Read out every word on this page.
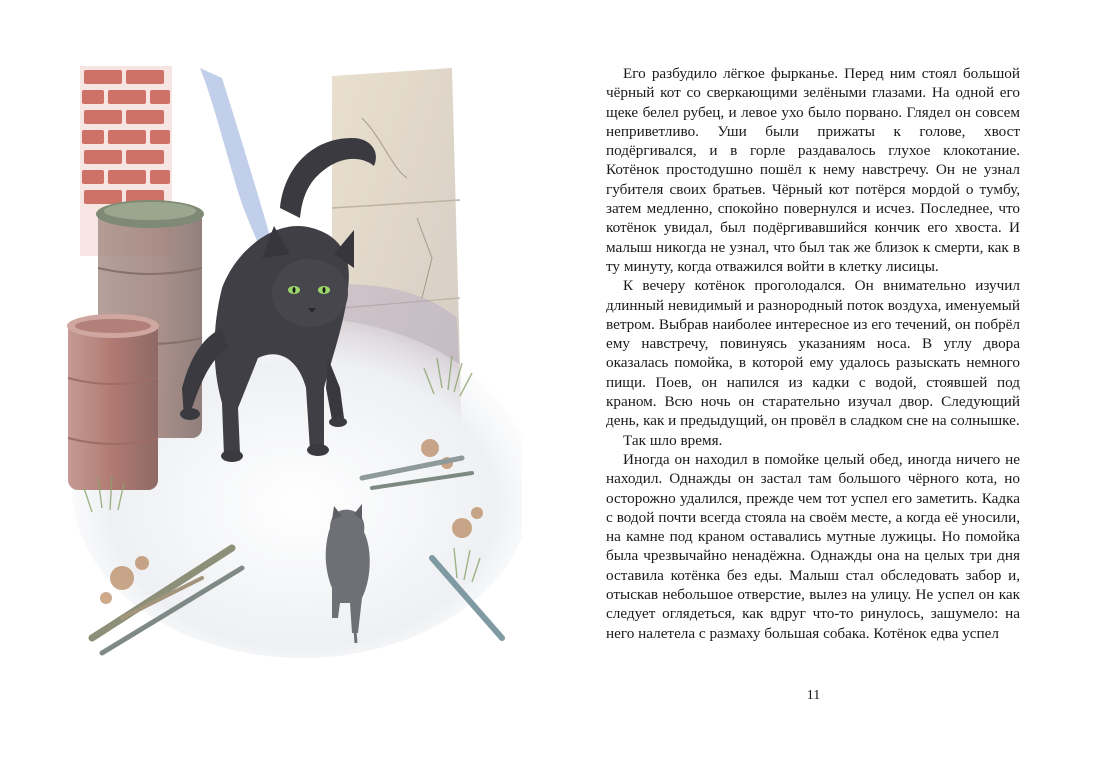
Его разбудило лёгкое фырканье. Перед ним стоял большой чёрный кот со сверкающими зелёными глазами. На одной его щеке белел рубец, и левое ухо было порвано. Глядел он совсем неприветливо. Уши были прижаты к голове, хвост подёргивался, и в горле раздавалось глухое клокотание. Котёнок простодушно пошёл к нему навстречу. Он не узнал губителя своих братьев. Чёрный кот потёрся мордой о тумбу, затем медленно, спокойно повернулся и исчез. Последнее, что котёнок увидал, был подёргивавшийся кончик его хвоста. И малыш никогда не узнал, что был так же близок к смерти, как в ту минуту, когда отважился войти в клетку лисицы.

К вечеру котёнок проголодался. Он внимательно изучил длинный невидимый и разнородный поток воздуха, именуемый ветром. Выбрав наиболее интересное из его течений, он побрёл ему навстречу, повинуясь указаниям носа. В углу двора оказалась помойка, в которой ему удалось разыскать немного пищи. Поев, он напился из кадки с водой, стоявшей под краном. Всю ночь он старательно изучал двор. Следующий день, как и предыдущий, он провёл в сладком сне на солнышке.

Так шло время.

Иногда он находил в помойке целый обед, иногда ничего не находил. Однажды он застал там большого чёрного кота, но осторожно удалился, прежде чем тот успел его заметить. Кадка с водой почти всегда стояла на своём месте, а когда её уносили, на камне под краном оставались мутные лужицы. Но помойка была чрезвычайно ненадёжна. Однажды она на целых три дня оставила котёнка без еды. Малыш стал обследовать забор и, отыскав небольшое отверстие, вылез на улицу. Не успел он как следует оглядеться, как вдруг что-то ринулось, зашумело: на него налетела с размаху большая собака. Котёнок едва успел

11
